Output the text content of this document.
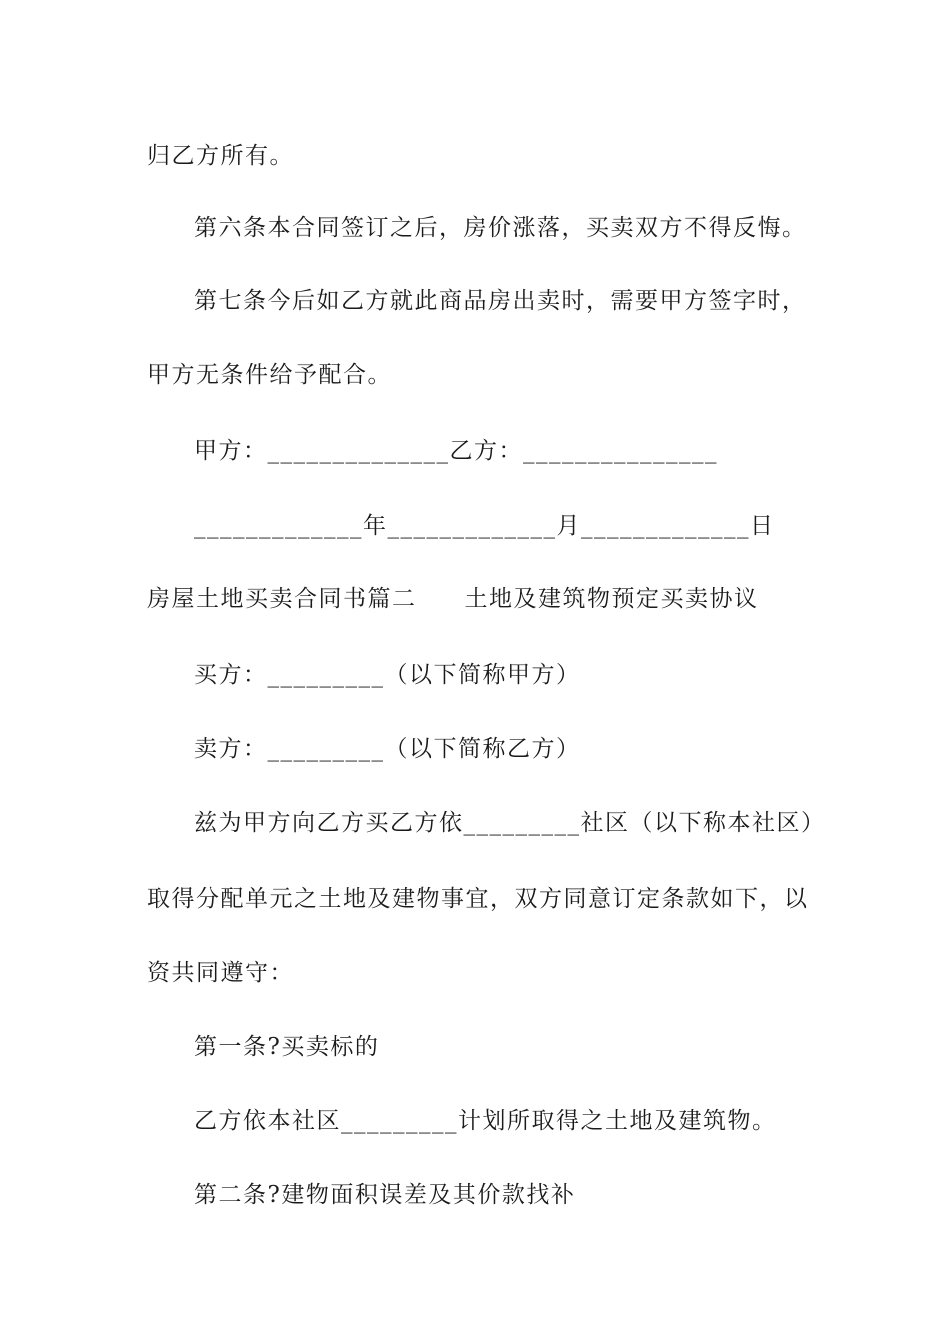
归乙方所有。
第六条本合同签订之后，房价涨落，买卖双方不得反悔。
第七条今后如乙方就此商品房出卖时，需要甲方签字时，
甲方无条件给予配合。
甲方：______________乙方：_______________
_____________年_____________月_____________日
房屋土地买卖合同书篇二 土地及建筑物预定买卖协议
买方：_________（以下简称甲方）
卖方：_________（以下简称乙方）
兹为甲方向乙方买乙方依_________社区（以下称本社区）
取得分配单元之土地及建物事宜，双方同意订定条款如下，以
资共同遵守：
第一条?买卖标的
乙方依本社区_________计划所取得之土地及建筑物。
第二条?建物面积误差及其价款找补
